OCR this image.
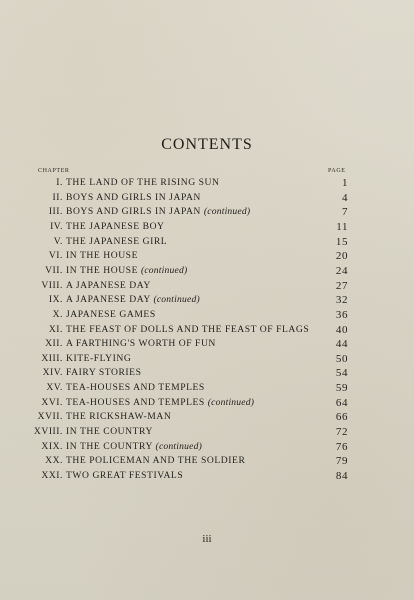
CONTENTS
CHAPTER	PAGE
I. THE LAND OF THE RISING SUN	1
II. BOYS AND GIRLS IN JAPAN	4
III. BOYS AND GIRLS IN JAPAN (continued)	7
IV. THE JAPANESE BOY	11
V. THE JAPANESE GIRL	15
VI. IN THE HOUSE	20
VII. IN THE HOUSE (continued)	24
VIII. A JAPANESE DAY	27
IX. A JAPANESE DAY (continued)	32
X. JAPANESE GAMES	36
XI. THE FEAST OF DOLLS AND THE FEAST OF FLAGS	40
XII. A FARTHING'S WORTH OF FUN	44
XIII. KITE-FLYING	50
XIV. FAIRY STORIES	54
XV. TEA-HOUSES AND TEMPLES	59
XVI. TEA-HOUSES AND TEMPLES (continued)	64
XVII. THE RICKSHAW-MAN	66
XVIII. IN THE COUNTRY	72
XIX. IN THE COUNTRY (continued)	76
XX. THE POLICEMAN AND THE SOLDIER	79
XXI. TWO GREAT FESTIVALS	84
iii
